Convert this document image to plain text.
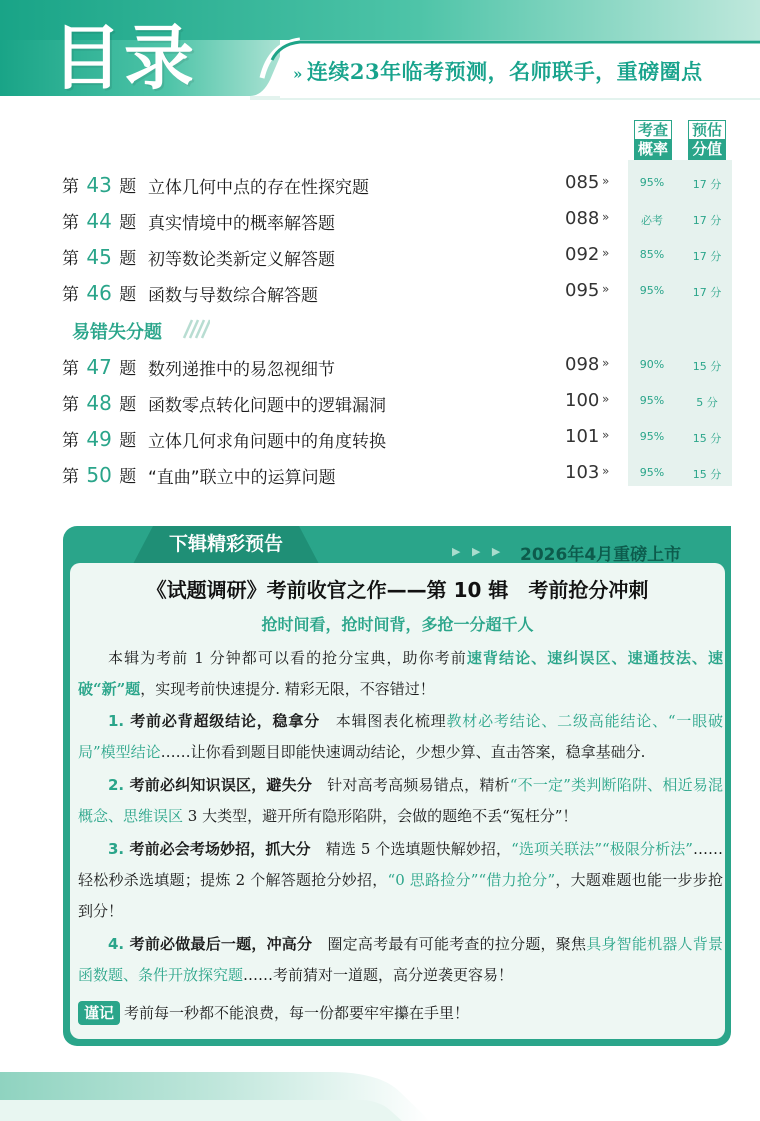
目录	» 连续23年临考预测，名师联手，重磅圈点
考查
概率
预估
分值
第 43 题 立体几何中点的存在性探究题	085 »	95%	17 分
第 44 题 真实情境中的概率解答题	088 »	必考	17 分
第 45 题 初等数论类新定义解答题	092 »	85%	17 分
第 46 题 函数与导数综合解答题	095 »	95%	17 分
易错失分题
第 47 题 数列递推中的易忽视细节	098 »	90%	15 分
第 48 题 函数零点转化问题中的逻辑漏洞	100 »	95%	5 分
第 49 题 立体几何求角问题中的角度转换	101 »	95%	15 分
第 50 题 “直曲”联立中的运算问题	103 »	95%	15 分
下辑精彩预告	▶ ▶ ▶ 2026年4月重磅上市
《试题调研》考前收官之作——第 10 辑　考前抢分冲刺
抢时间看，抢时间背，多抢一分超千人
本辑为考前 1 分钟都可以看的抢分宝典，助你考前速背结论、速纠误区、速通技法、速破“新”题，实现考前快速提分. 精彩无限，不容错过！
1. 考前必背超级结论，稳拿分　本辑图表化梳理教材必考结论、二级高能结论、“一眼破局”模型结论……让你看到题目即能快速调动结论，少想少算、直击答案，稳拿基础分.
2. 考前必纠知识误区，避失分　针对高考高频易错点，精析“不一定”类判断陷阱、相近易混概念、思维误区 3 大类型，避开所有隐形陷阱，会做的题绝不丢“冤枉分”！
3. 考前必会考场妙招，抓大分　精选 5 个选填题快解妙招，“选项关联法”“极限分析法”……轻松秒杀选填题；提炼 2 个解答题抢分妙招，“0 思路捡分”“借力抢分”，大题难题也能一步步抢到分！
4. 考前必做最后一题，冲高分　圈定高考最有可能考查的拉分题，聚焦具身智能机器人背景函数题、条件开放探究题……考前猜对一道题，高分逆袭更容易！
谨记 考前每一秒都不能浪费，每一份都要牢牢攥在手里！
